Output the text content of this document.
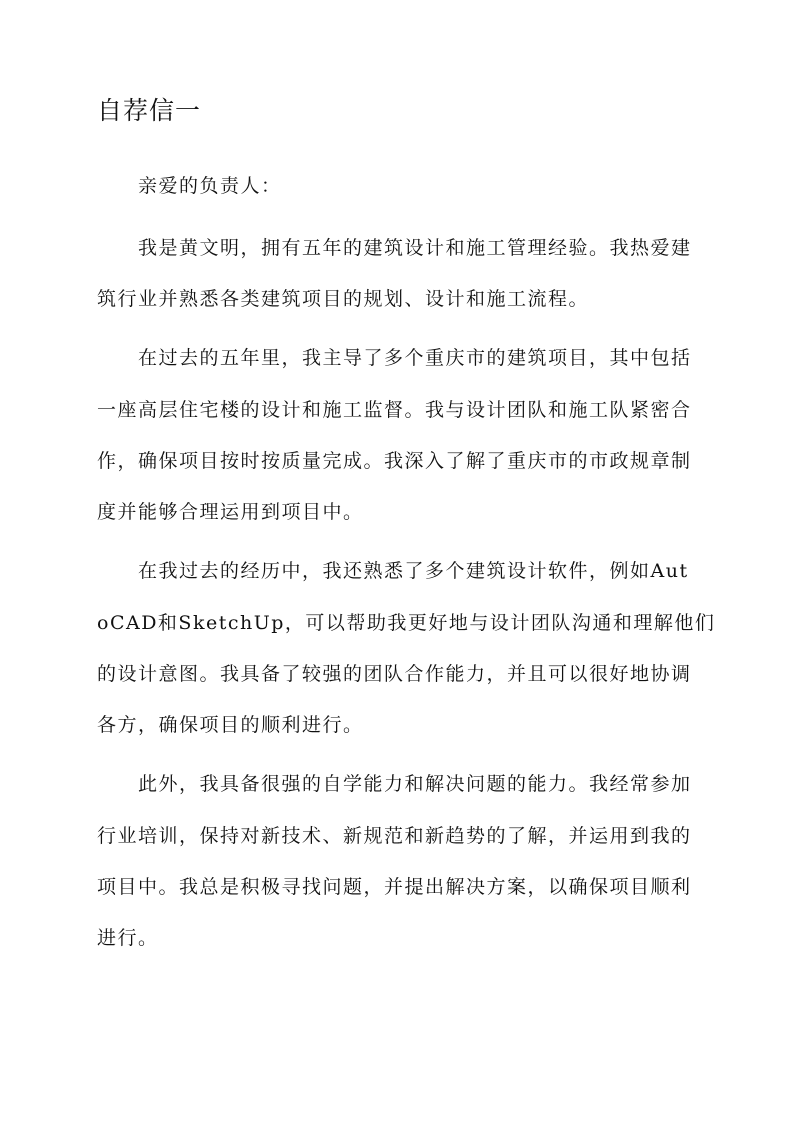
自荐信一

亲爱的负责人：

我是黄文明，拥有五年的建筑设计和施工管理经验。我热爱建

筑行业并熟悉各类建筑项目的规划、设计和施工流程。

在过去的五年里，我主导了多个重庆市的建筑项目，其中包括

一座高层住宅楼的设计和施工监督。我与设计团队和施工队紧密合

作，确保项目按时按质量完成。我深入了解了重庆市的市政规章制

度并能够合理运用到项目中。

在我过去的经历中，我还熟悉了多个建筑设计软件，例如Aut

oCAD和SketchUp，可以帮助我更好地与设计团队沟通和理解他们

的设计意图。我具备了较强的团队合作能力，并且可以很好地协调

各方，确保项目的顺利进行。

此外，我具备很强的自学能力和解决问题的能力。我经常参加

行业培训，保持对新技术、新规范和新趋势的了解，并运用到我的

项目中。我总是积极寻找问题，并提出解决方案，以确保项目顺利

进行。
